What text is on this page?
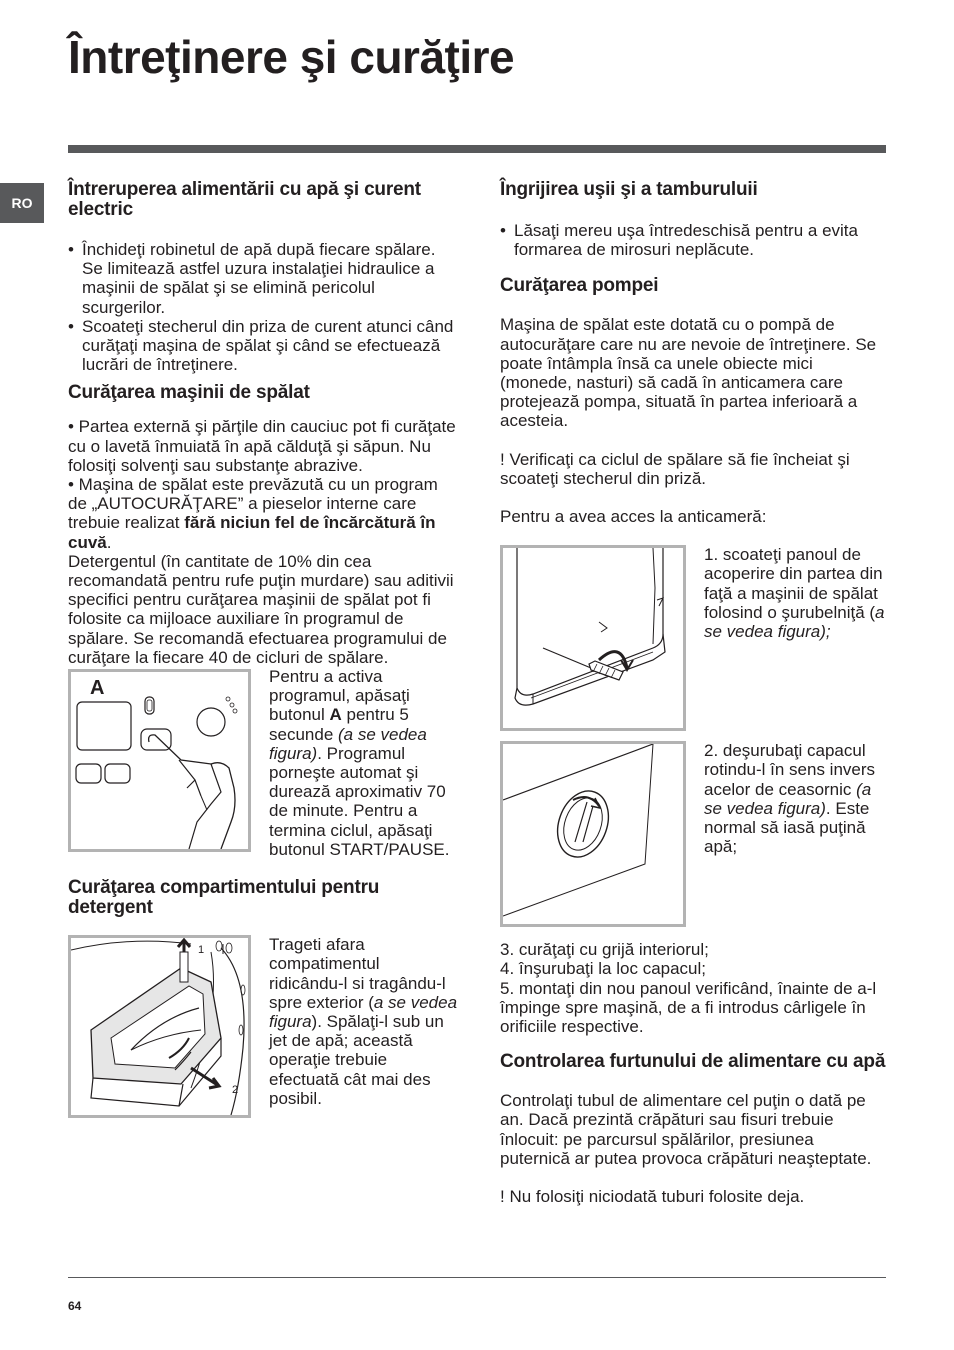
Întreţinere şi curăţire
RO
Întreruperea alimentării cu apă şi curent electric
• Închideţi robinetul de apă după fiecare spălare. Se limitează astfel uzura instalaţiei hidraulice a maşinii de spălat şi se elimină pericolul scurgerilor.
• Scoateţi stecherul din priza de curent atunci când curăţaţi maşina de spălat şi când se efectuează lucrări de întreţinere.
Curăţarea maşinii de spălat

• Partea externă şi părţile din cauciuc pot fi curăţate cu o lavetă înmuiată în apă călduţă şi săpun. Nu folosiţi solvenţi sau substanţe abrazive.

• Maşina de spălat este prevăzută cu un program de „AUTOCURĂŢARE” a pieselor interne care trebuie realizat fără niciun fel de încărcătură în cuvă.

Detergentul (în cantitate de 10% din cea recomandată pentru rufe puţin murdare) sau aditivii specifici pentru curăţarea maşinii de spălat pot fi folosite ca mijloace auxiliare în programul de spălare. Se recomandă efectuarea programului de curăţare la fiecare 40 de cicluri de spălare.

A

Pentru a activa programul, apăsaţi butonul A pentru 5 secunde (a se vedea figura). Programul porneşte automat şi durează aproximativ 70 de minute. Pentru a termina ciclul, apăsaţi butonul START/PAUSE.

Curăţarea compartimentului pentru detergent
1
2

Trageti afara compatimentul ridicându-l si tragându-l spre exterior (a se vedea figura). Spălaţi-l sub un jet de apă; această operaţie trebuie efectuată cât mai des posibil.

Îngrijirea uşii şi a tamburuluii
• Lăsaţi mereu uşa întredeschisă pentru a evita formarea de mirosuri neplăcute.
Curăţarea pompei

Maşina de spălat este dotată cu o pompă de autocurăţare care nu are nevoie de întreţinere. Se poate întâmpla însă ca unele obiecte mici (monede, nasturi) să cadă în anticamera care protejează pompa, situată în partea inferioară a acesteia.

! Verificaţi ca ciclul de spălare să fie încheiat şi scoateţi stecherul din priză.

Pentru a avea acces la anticameră:

1. scoateţi panoul de acoperire din partea din faţă a maşinii de spălat folosind o şurubelniţă (a se vedea figura);

2. deşurubaţi capacul rotindu-l în sens invers acelor de ceasornic (a se vedea figura). Este normal să iasă puţină apă;

3. curăţaţi cu grijă interiorul;

4. înşurubaţi la loc capacul;

5. montaţi din nou panoul verificând, înainte de a-l împinge spre maşină, de a fi introdus cârligele în orificiile respective.

Controlarea furtunului de alimentare cu apă

Controlaţi tubul de alimentare cel puţin o dată pe an. Dacă prezintă crăpături sau fisuri trebuie înlocuit: pe parcursul spălărilor, presiunea puternică ar putea provoca crăpături neaşteptate.

! Nu folosiţi niciodată tuburi folosite deja.

64
